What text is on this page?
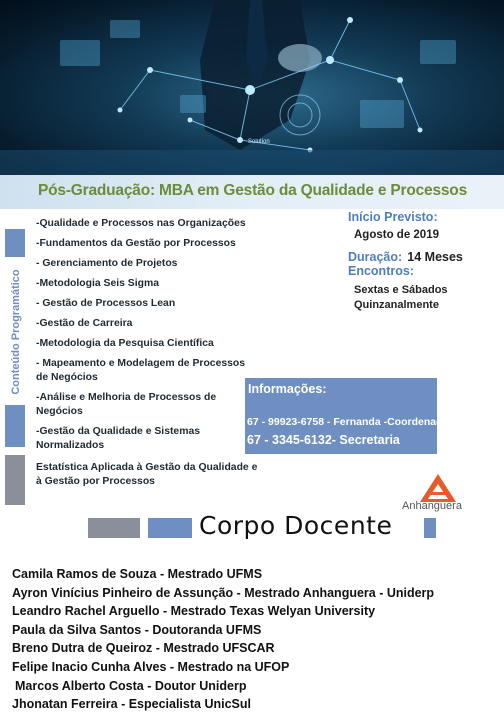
Solution
Pós-Graduação: MBA em Gestão da Qualidade e Processos
Conteúdo Programático
-Qualidade e Processos nas Organizações
-Fundamentos da Gestão por Processos
- Gerenciamento de Projetos
-Metodologia Seis Sigma
- Gestão de Processos Lean
-Gestão de Carreira
-Metodologia da Pesquisa Científica
- Mapeamento e Modelagem de Processos de Negócios
-Análise e Melhoria de Processos de Negócios
-Gestão da Qualidade e Sistemas Normalizados
Estatística Aplicada à Gestão da Qualidade e à Gestão por Processos
Início Previsto:
Agosto de 2019
Duração: 14 Meses
Encontros:
Sextas e Sábados
Quinzanalmente
Informações:
67 - 99923-6758 - Fernanda -Coordenadora
67 - 3345-6132- Secretaria
Anhanguera
Corpo Docente
Camila Ramos de Souza - Mestrado UFMS
Ayron Vinícius Pinheiro de Assunção - Mestrado Anhanguera - Uniderp
Leandro Rachel Arguello - Mestrado Texas Welyan University
Paula da Silva Santos - Doutoranda UFMS
Breno Dutra de Queiroz - Mestrado UFSCAR
Felipe Inacio Cunha Alves - Mestrado na UFOP
Marcos Alberto Costa - Doutor Uniderp
Jhonatan Ferreira - Especialista UnicSul
